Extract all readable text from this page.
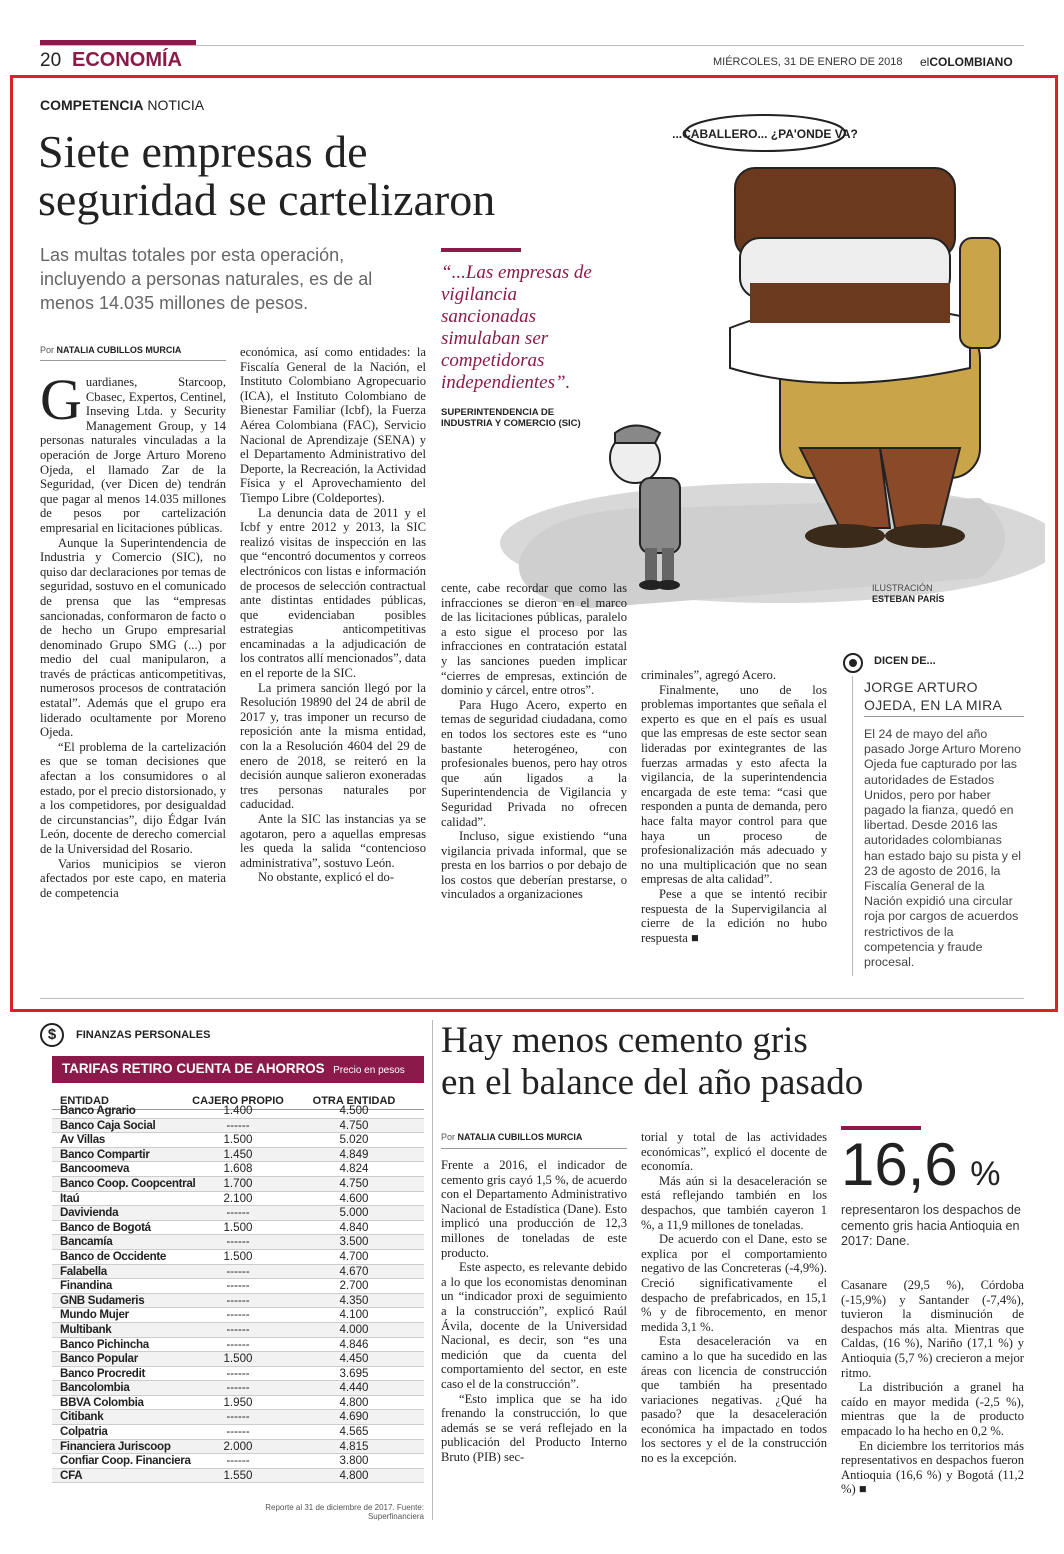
20 ECONOMÍA	MIÉRCOLES, 31 DE ENERO DE 2018 elCOLOMBIANO
COMPETENCIA NOTICIA
Siete empresas de
seguridad se cartelizaron
Las multas totales por esta operación, incluyendo a personas naturales, es de al menos 14.035 millones de pesos.
“...Las empresas de vigilancia sancionadas simulaban ser competidoras independientes”.
SUPERINTENDENCIA DE INDUSTRIA Y COMERCIO (SIC)
...CABALLERO... ¿PA'ONDE VA?
ILUSTRACIÓN
ESTEBAN PARÍS
Por NATALIA CUBILLOS MURCIA

Guardianes, Starcoop, Cbasec, Expertos, Centinel, Inseving Ltda. y Security Management Group, y 14 personas naturales vinculadas a la operación de Jorge Arturo Moreno Ojeda, el llamado Zar de la Seguridad, (ver Dicen de) tendrán que pagar al menos 14.035 millones de pesos por cartelización empresarial en licitaciones públicas.

Aunque la Superintendencia de Industria y Comercio (SIC), no quiso dar declaraciones por temas de seguridad, sostuvo en el comunicado de prensa que las “empresas sancionadas, conformaron de facto o de hecho un Grupo empresarial denominado Grupo SMG (...) por medio del cual manipularon, a través de prácticas anticompetitivas, numerosos procesos de contratación estatal”. Además que el grupo era liderado ocultamente por Moreno Ojeda.

“El problema de la cartelización es que se toman decisiones que afectan a los consumidores o al estado, por el precio distorsionado, y a los competidores, por desigualdad de circunstancias”, dijo Édgar Iván León, docente de derecho comercial de la Universidad del Rosario.

Varios municipios se vieron afectados por este capo, en materia de competencia

económica, así como entidades: la Fiscalía General de la Nación, el Instituto Colombiano Agropecuario (ICA), el Instituto Colombiano de Bienestar Familiar (Icbf), la Fuerza Aérea Colombiana (FAC), Servicio Nacional de Aprendizaje (SENA) y el Departamento Administrativo del Deporte, la Recreación, la Actividad Física y el Aprovechamiento del Tiempo Libre (Coldeportes).

La denuncia data de 2011 y el Icbf y entre 2012 y 2013, la SIC realizó visitas de inspección en las que “encontró documentos y correos electrónicos con listas e información de procesos de selección contractual ante distintas entidades públicas, que evidenciaban posibles estrategias anticompetitivas encaminadas a la adjudicación de los contratos allí mencionados”, data en el reporte de la SIC.

La primera sanción llegó por la Resolución 19890 del 24 de abril de 2017 y, tras imponer un recurso de reposición ante la misma entidad, con la a Resolución 4604 del 29 de enero de 2018, se reiteró en la decisión aunque salieron exoneradas tres personas naturales por caducidad.

Ante la SIC las instancias ya se agotaron, pero a aquellas empresas les queda la salida “contencioso administrativa”, sostuvo León.

No obstante, explicó el do-

cente, cabe recordar que como las infracciones se dieron en el marco de las licitaciones públicas, paralelo a esto sigue el proceso por las infracciones en contratación estatal y las sanciones pueden implicar “cierres de empresas, extinción de dominio y cárcel, entre otros”.

Para Hugo Acero, experto en temas de seguridad ciudadana, como en todos los sectores este es “uno bastante heterogéneo, con profesionales buenos, pero hay otros que aún ligados a la Superintendencia de Vigilancia y Seguridad Privada no ofrecen calidad”.

Incluso, sigue existiendo “una vigilancia privada informal, que se presta en los barrios o por debajo de los costos que deberían prestarse, o vinculados a organizaciones

criminales”, agregó Acero.

Finalmente, uno de los problemas importantes que señala el experto es que en el país es usual que las empresas de este sector sean lideradas por exintegrantes de las fuerzas armadas y esto afecta la vigilancia, de la superintendencia encargada de este tema: “casi que responden a punta de demanda, pero hace falta mayor control para que haya un proceso de profesionalización más adecuado y no una multiplicación que no sean empresas de alta calidad”.

Pese a que se intentó recibir respuesta de la Supervigilancia al cierre de la edición no hubo respuesta ■

DICEN DE...
JORGE ARTURO OJEDA, EN LA MIRA
El 24 de mayo del año pasado Jorge Arturo Moreno Ojeda fue capturado por las autoridades de Estados Unidos, pero por haber pagado la fianza, quedó en libertad. Desde 2016 las autoridades colombianas han estado bajo su pista y el 23 de agosto de 2016, la Fiscalía General de la Nación expidió una circular roja por cargos de acuerdos restrictivos de la competencia y fraude procesal.
$	FINANZAS PERSONALES
TARIFAS RETIRO CUENTA DE AHORROS Precio en pesos
ENTIDAD	CAJERO PROPIO	OTRA ENTIDAD
Banco Agrario	1.400	4.500
Banco Caja Social	------	4.750
Av Villas	1.500	5.020
Banco Compartir	1.450	4.849
Bancoomeva	1.608	4.824
Banco Coop. Coopcentral	1.700	4.750
Itaú	2.100	4.600
Davivienda	------	5.000
Banco de Bogotá	1.500	4.840
Bancamía	------	3.500
Banco de Occidente	1.500	4.700
Falabella	------	4.670
Finandina	------	2.700
GNB Sudameris	------	4.350
Mundo Mujer	------	4.100
Multibank	------	4.000
Banco Pichincha	------	4.846
Banco Popular	1.500	4.450
Banco Procredit	------	3.695
Bancolombia	------	4.440
BBVA Colombia	1.950	4.800
Citibank	------	4.690
Colpatria	------	4.565
Financiera Juriscoop	2.000	4.815
Confiar Coop. Financiera	------	3.800
CFA	1.550	4.800
Reporte al 31 de diciembre de 2017. Fuente: Superfinanciera
Hay menos cemento gris
en el balance del año pasado
Por NATALIA CUBILLOS MURCIA

Frente a 2016, el indicador de cemento gris cayó 1,5 %, de acuerdo con el Departamento Administrativo Nacional de Estadística (Dane). Esto implicó una producción de 12,3 millones de toneladas de este producto.

Este aspecto, es relevante debido a lo que los economistas denominan un “indicador proxi de seguimiento a la construcción”, explicó Raúl Ávila, docente de la Universidad Nacional, es decir, son “es una medición que da cuenta del comportamiento del sector, en este caso el de la construcción”.

“Esto implica que se ha ido frenando la construcción, lo que además se se verá reflejado en la publicación del Producto Interno Bruto (PIB) sec-

torial y total de las actividades económicas”, explicó el docente de economía.

Más aún si la desaceleración se está reflejando también en los despachos, que también cayeron 1 %, a 11,9 millones de toneladas.

De acuerdo con el Dane, esto se explica por el comportamiento negativo de las Concreteras (-4,9%). Creció significativamente el despacho de prefabricados, en 15,1 % y de fibrocemento, en menor medida 3,1 %.

Esta desaceleración va en camino a lo que ha sucedido en las áreas con licencia de construcción que también ha presentado variaciones negativas. ¿Qué ha pasado? que la desaceleración económica ha impactado en todos los sectores y el de la construcción no es la excepción.

16,6 %
representaron los despachos de cemento gris hacia Antioquia en 2017: Dane.

Casanare (29,5 %), Córdoba (-15,9%) y Santander (-7,4%), tuvieron la disminución de despachos más alta. Mientras que Caldas, (16 %), Nariño (17,1 %) y Antioquia (5,7 %) crecieron a mejor ritmo.

La distribución a granel ha caído en mayor medida (-2,5 %), mientras que la de producto empacado lo ha hecho en 0,2 %.

En diciembre los territorios más representativos en despachos fueron Antioquia (16,6 %) y Bogotá (11,2 %) ■
